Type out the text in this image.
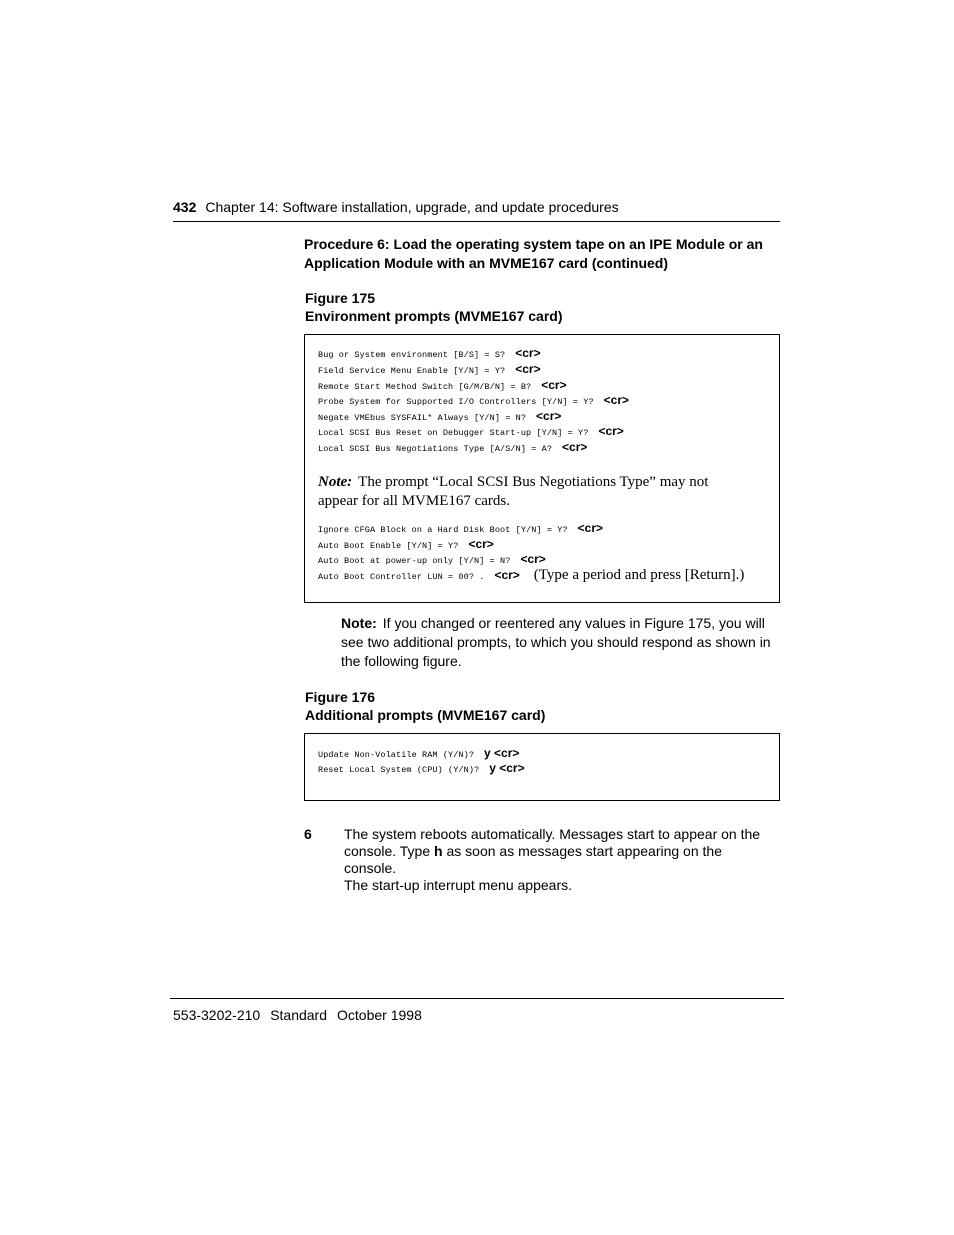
432 Chapter 14: Software installation, upgrade, and update procedures
Procedure 6: Load the operating system tape on an IPE Module or an
Application Module with an MVME167 card (continued)
Figure 175
Environment prompts (MVME167 card)
Bug or System environment [B/S] = S? <cr>
Field Service Menu Enable [Y/N] = Y? <cr>
Remote Start Method Switch [G/M/B/N] = B? <cr>
Probe System for Supported I/O Controllers [Y/N] = Y? <cr>
Negate VMEbus SYSFAIL* Always [Y/N] = N? <cr>
Local SCSI Bus Reset on Debugger Start-up [Y/N] = Y? <cr>
Local SCSI Bus Negotiations Type [A/S/N] = A? <cr>
Note: The prompt “Local SCSI Bus Negotiations Type” may not
appear for all MVME167 cards.
Ignore CFGA Block on a Hard Disk Boot [Y/N] = Y? <cr>
Auto Boot Enable [Y/N] = Y? <cr>
Auto Boot at power-up only [Y/N] = N? <cr>
Auto Boot Controller LUN = 00? . <cr> (Type a period and press [Return].)
Note: If you changed or reentered any values in Figure 175, you will
see two additional prompts, to which you should respond as shown in
the following figure.
Figure 176
Additional prompts (MVME167 card)
Update Non-Volatile RAM (Y/N)? y <cr>
Reset Local System (CPU) (Y/N)? y <cr>
6 The system reboots automatically. Messages start to appear on the
console. Type h as soon as messages start appearing on the
console.
The start-up interrupt menu appears.
553-3202-210 Standard October 1998
